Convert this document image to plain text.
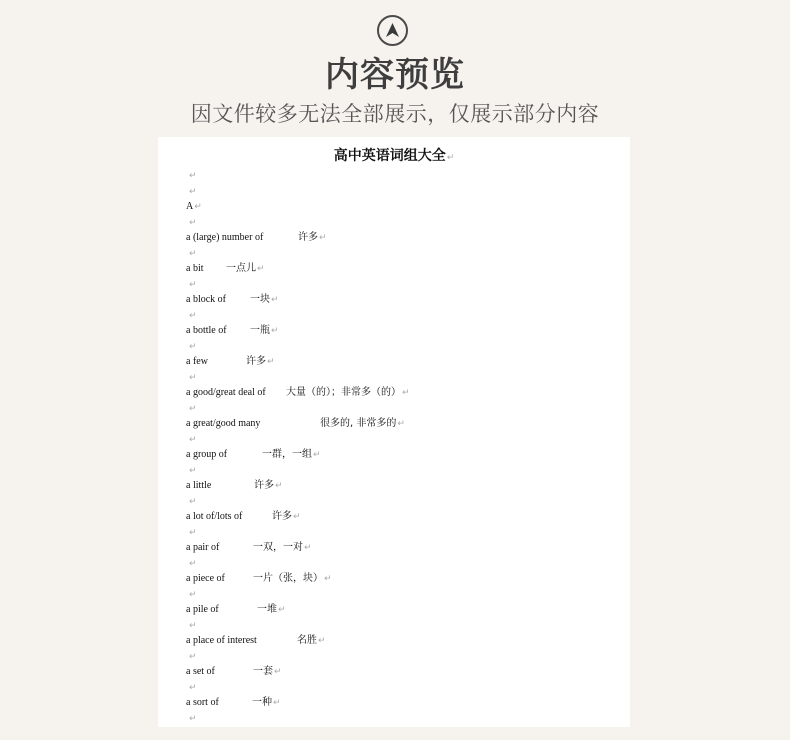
内容预览
因文件较多无法全部展示，仅展示部分内容
高中英语词组大全↵
↵
↵
A↵
↵
a (large) number of	许多↵
↵
a bit 一点儿↵
↵
a block of 一块↵
↵
a bottle of 一瓶↵
↵
a few	许多↵
↵
a good/great deal of 大量（的）；非常多（的）↵
↵
a great/good many	很多的, 非常多的↵
↵
a group of	一群，一组↵
↵
a little	许多↵
↵
a lot of/lots of	许多↵
↵
a pair of	一双，一对↵
↵
a piece of	一片（张，块）↵
↵
a pile of	一堆↵
↵
a place of interest	名胜↵
↵
a set of	一套↵
↵
a sort of	一种↵
↵
